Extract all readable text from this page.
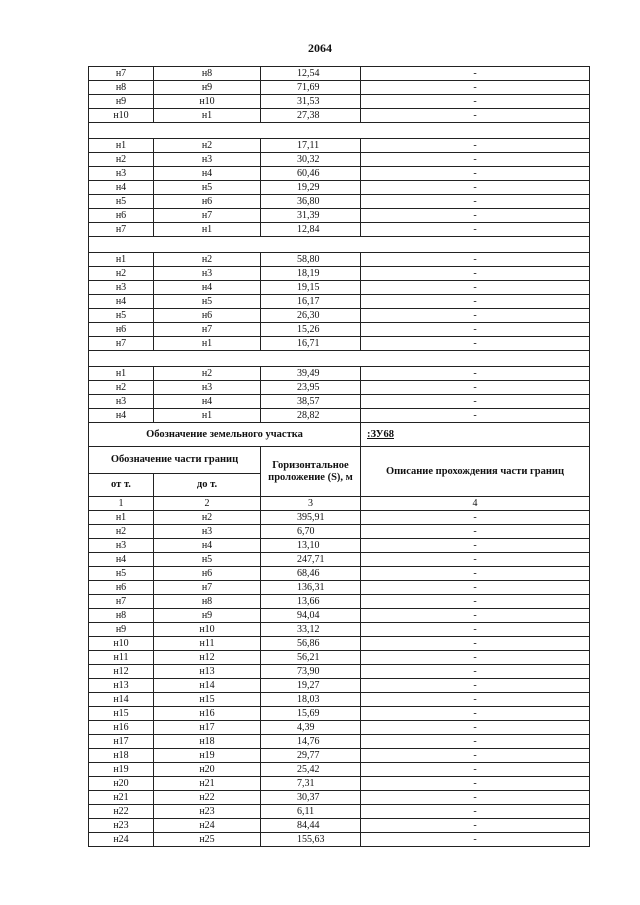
2064
н7	н8	12,54	-
н8	н9	71,69	-
н9	н10	31,53	-
н10	н1	27,38	-

н1	н2	17,11	-
н2	н3	30,32	-
н3	н4	60,46	-
н4	н5	19,29	-
н5	н6	36,80	-
н6	н7	31,39	-
н7	н1	12,84	-

н1	н2	58,80	-
н2	н3	18,19	-
н3	н4	19,15	-
н4	н5	16,17	-
н5	н6	26,30	-
н6	н7	15,26	-
н7	н1	16,71	-

н1	н2	39,49	-
н2	н3	23,95	-
н3	н4	38,57	-
н4	н1	28,82	-
Обозначение земельного участка			:ЗУ68
Обозначение части границ		Горизонтальное проложение (S), м	Описание прохождения части границ
от т.	до т.		
1	2	3	4
н1	н2	395,91	-
н2	н3	6,70	-
н3	н4	13,10	-
н4	н5	247,71	-
н5	н6	68,46	-
н6	н7	136,31	-
н7	н8	13,66	-
н8	н9	94,04	-
н9	н10	33,12	-
н10	н11	56,86	-
н11	н12	56,21	-
н12	н13	73,90	-
н13	н14	19,27	-
н14	н15	18,03	-
н15	н16	15,69	-
н16	н17	4,39	-
н17	н18	14,76	-
н18	н19	29,77	-
н19	н20	25,42	-
н20	н21	7,31	-
н21	н22	30,37	-
н22	н23	6,11	-
н23	н24	84,44	-
н24	н25	155,63	-
